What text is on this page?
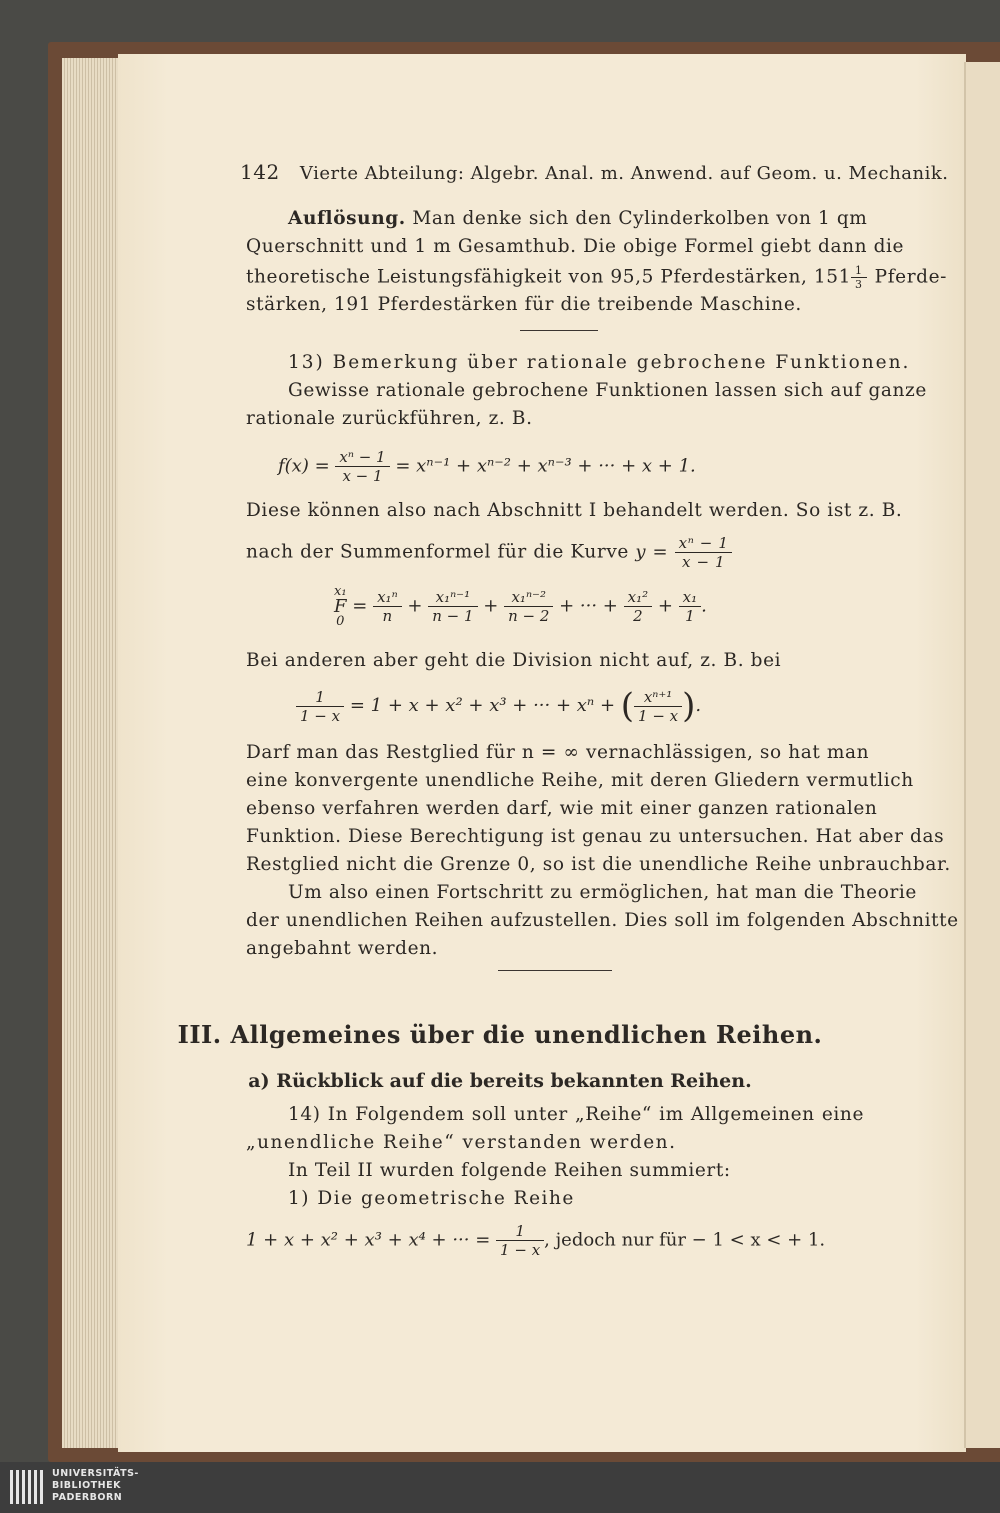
142 Vierte Abteilung: Algebr. Anal. m. Anwend. auf Geom. u. Mechanik.
Auflösung. Man denke sich den Cylinderkolben von 1 qm
Querschnitt und 1 m Gesamthub. Die obige Formel giebt dann die
theoretische Leistungsfähigkeit von 95,5 Pferdestärken, $151 \frac{1}{3}$ Pferde-
stärken, 191 Pferdestärken für die treibende Maschine.
13) Bemerkung über rationale gebrochene Funktionen.
Gewisse rationale gebrochene Funktionen lassen sich auf ganze
rationale zurückführen, z. B.
$f(x) = \frac{\text{xⁿ − 1}}{x - 1} = x^{n-1} + x^{n-2} + x^{n-3}$ + ··· + x + 1.
Diese können also nach Abschnitt I behandelt werden. So ist z. B.
nach der Summenformel für die Kurve $y = \frac{\text{xⁿ − 1}}{x - 1}$
x₁
F
0
= $\frac{\text{x₁ⁿ}}{n} + \frac{\text{x₁ⁿ⁻¹}}{n - 1} + \frac{\text{x₁ⁿ⁻²}}{n - 2}$ + ··· + $\frac{\text{x₁²}}{2} + \frac{\text{x₁}}{1}$ .
Bei anderen aber geht die Division nicht auf, z. B. bei
$\frac{1}{1 - x} = 1 + x + x^2 + x^3$ + ··· + xⁿ + ( $\frac{\text{xⁿ⁺¹}}{1 - x}$ ).
Darf man das Restglied für n = ∞ vernachlässigen, so hat man
eine konvergente unendliche Reihe, mit deren Gliedern vermutlich
ebenso verfahren werden darf, wie mit einer ganzen rationalen
Funktion. Diese Berechtigung ist genau zu untersuchen. Hat aber das
Restglied nicht die Grenze 0, so ist die unendliche Reihe unbrauchbar.
Um also einen Fortschritt zu ermöglichen, hat man die Theorie
der unendlichen Reihen aufzustellen. Dies soll im folgenden Abschnitte
angebahnt werden.
III. Allgemeines über die unendlichen Reihen.
a) Rückblick auf die bereits bekannten Reihen.
14) In Folgendem soll unter „Reihe“ im Allgemeinen eine
„unendliche Reihe“ verstanden werden.
In Teil II wurden folgende Reihen summiert:
1) Die geometrische Reihe
1 + x + x² + x³ + x⁴ + ··· = $\frac{1}{1 - x}$ , jedoch nur für − 1 < x < + 1.
UNIVERSITÄTS-
BIBLIOTHEK
PADERBORN
